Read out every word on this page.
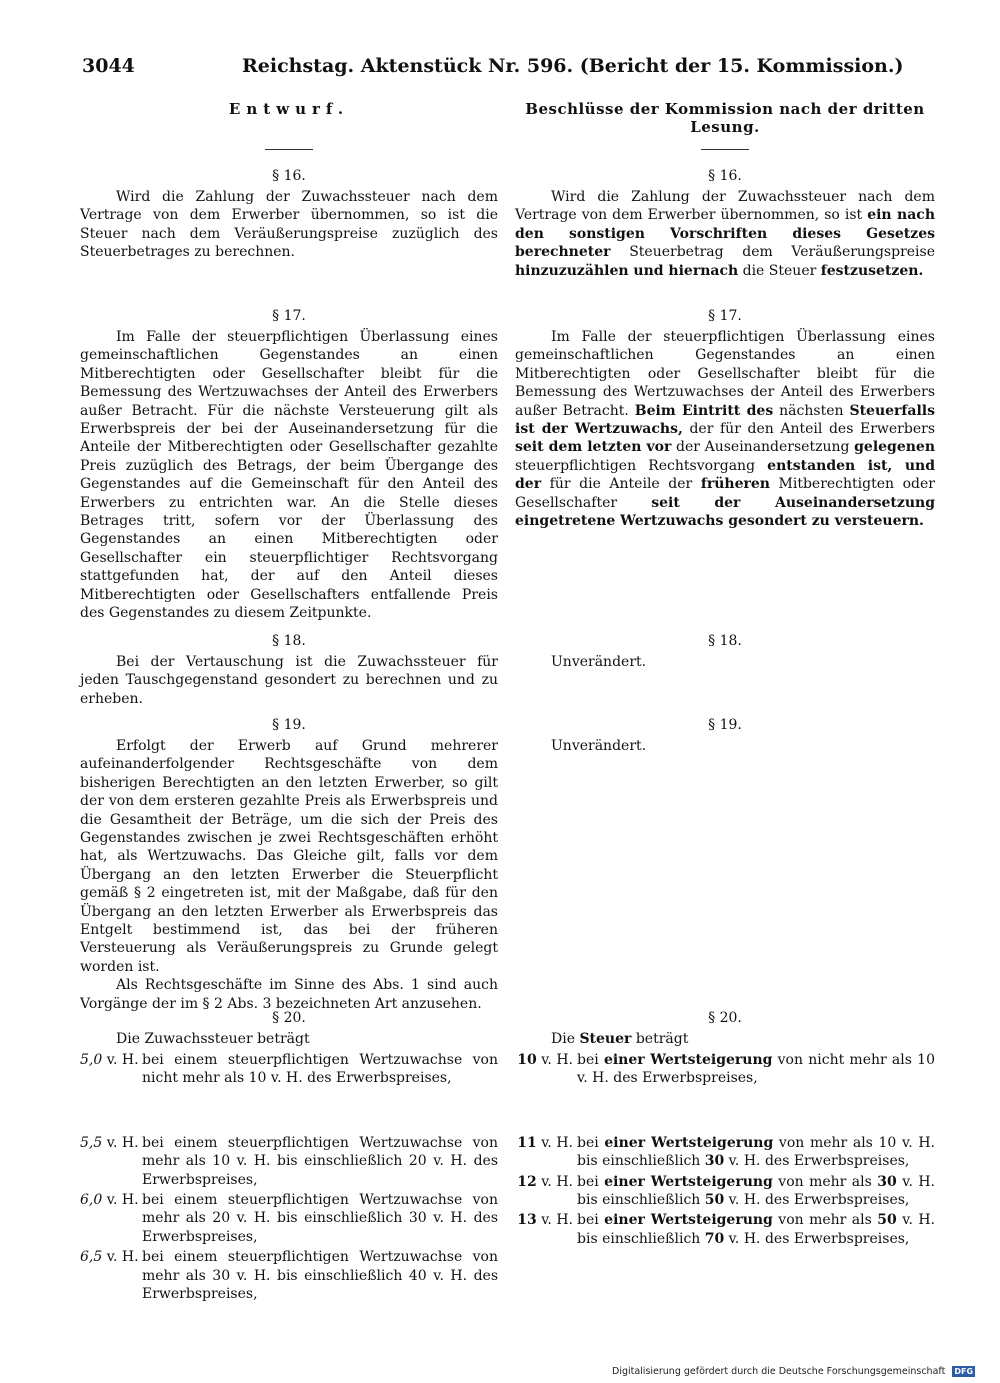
3044	Reichstag. Aktenstück Nr. 596. (Bericht der 15. Kommission.)
Entwurf.
§ 16.

Wird die Zahlung der Zuwachssteuer nach dem Vertrage von dem Erwerber übernommen, so ist die Steuer nach dem Veräußerungspreise zuzüglich des Steuerbetrages zu berechnen.

§ 17.

Im Falle der steuerpflichtigen Überlassung eines gemeinschaftlichen Gegenstandes an einen Mitberechtigten oder Gesellschafter bleibt für die Bemessung des Wertzuwachses der Anteil des Erwerbers außer Betracht. Für die nächste Versteuerung gilt als Erwerbspreis der bei der Auseinandersetzung für die Anteile der Mitberechtigten oder Gesellschafter gezahlte Preis zuzüglich des Betrags, der beim Übergange des Gegenstandes auf die Gemeinschaft für den Anteil des Erwerbers zu entrichten war. An die Stelle dieses Betrages tritt, sofern vor der Überlassung des Gegenstandes an einen Mitberechtigten oder Gesellschafter ein steuerpflichtiger Rechtsvorgang stattgefunden hat, der auf den Anteil dieses Mitberechtigten oder Gesellschafters entfallende Preis des Gegenstandes zu diesem Zeitpunkte.

§ 18.

Bei der Vertauschung ist die Zuwachssteuer für jeden Tauschgegenstand gesondert zu berechnen und zu erheben.

§ 19.

Erfolgt der Erwerb auf Grund mehrerer aufeinanderfolgender Rechtsgeschäfte von dem bisherigen Berechtigten an den letzten Erwerber, so gilt der von dem ersteren gezahlte Preis als Erwerbspreis und die Gesamtheit der Beträge, um die sich der Preis des Gegenstandes zwischen je zwei Rechtsgeschäften erhöht hat, als Wertzuwachs. Das Gleiche gilt, falls vor dem Übergang an den letzten Erwerber die Steuerpflicht gemäß § 2 eingetreten ist, mit der Maßgabe, daß für den Übergang an den letzten Erwerber als Erwerbspreis das Entgelt bestimmend ist, das bei der früheren Versteuerung als Veräußerungspreis zu Grunde gelegt worden ist.

Als Rechtsgeschäfte im Sinne des Abs. 1 sind auch Vorgänge der im § 2 Abs. 3 bezeichneten Art anzusehen.

§ 20.
Die Zuwachssteuer beträgt
5,0 v. H. bei einem steuerpflichtigen Wertzuwachse von nicht mehr als 10 v. H. des Erwerbspreises,
5,5 v. H. bei einem steuerpflichtigen Wertzuwachse von mehr als 10 v. H. bis einschließlich 20 v. H. des Erwerbspreises,
6,0 v. H. bei einem steuerpflichtigen Wertzuwachse von mehr als 20 v. H. bis einschließlich 30 v. H. des Erwerbspreises,
6,5 v. H. bei einem steuerpflichtigen Wertzuwachse von mehr als 30 v. H. bis einschließlich 40 v. H. des Erwerbspreises,
Beschlüsse der Kommission nach der dritten Lesung.
§ 16.

Wird die Zahlung der Zuwachssteuer nach dem Vertrage von dem Erwerber übernommen, so ist ein nach den sonstigen Vorschriften dieses Gesetzes berechneter Steuerbetrag dem Veräußerungspreise hinzuzuzählen und hiernach die Steuer festzusetzen.

§ 17.

Im Falle der steuerpflichtigen Überlassung eines gemeinschaftlichen Gegenstandes an einen Mitberechtigten oder Gesellschafter bleibt für die Bemessung des Wertzuwachses der Anteil des Erwerbers außer Betracht. Beim Eintritt des nächsten Steuerfalls ist der Wertzuwachs, der für den Anteil des Erwerbers seit dem letzten vor der Auseinandersetzung gelegenen steuerpflichtigen Rechtsvorgang entstanden ist, und der für die Anteile der früheren Mitberechtigten oder Gesellschafter seit der Auseinandersetzung eingetretene Wertzuwachs gesondert zu versteuern.

§ 18.

Unverändert.

§ 19.

Unverändert.

§ 20.
Die Steuer beträgt
10 v. H. bei einer Wertsteigerung von nicht mehr als 10 v. H. des Erwerbspreises,
11 v. H. bei einer Wertsteigerung von mehr als 10 v. H. bis einschließlich 30 v. H. des Erwerbspreises,
12 v. H. bei einer Wertsteigerung von mehr als 30 v. H. bis einschließlich 50 v. H. des Erwerbspreises,
13 v. H. bei einer Wertsteigerung von mehr als 50 v. H. bis einschließlich 70 v. H. des Erwerbspreises,
Digitalisierung gefördert durch die Deutsche Forschungsgemeinschaft DFG
